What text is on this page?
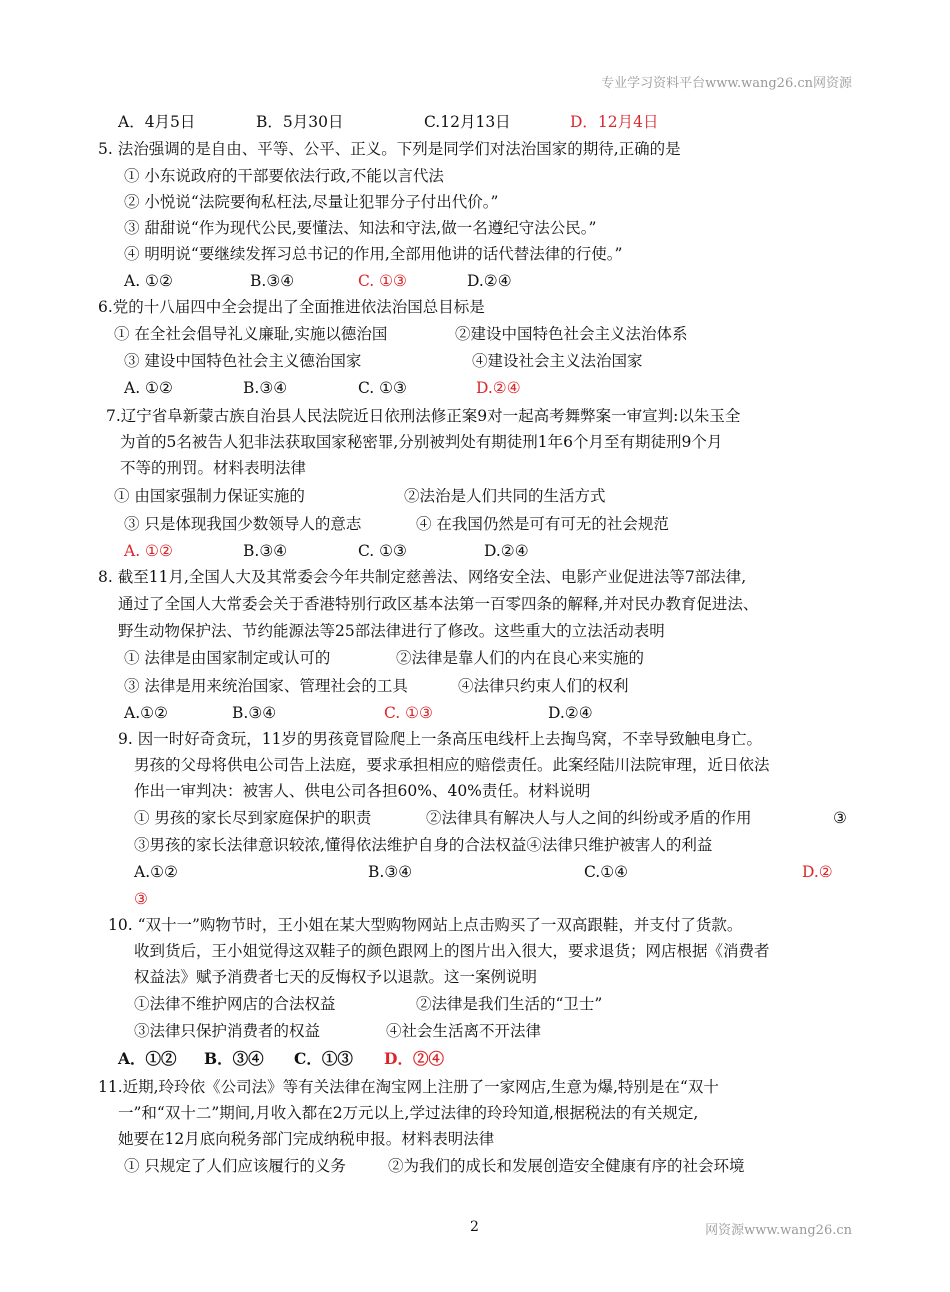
专业学习资料平台www.wang26.cn网资源
A．4月5日	B．5月30日	C.12月13日	D．12月4日
5. 法治强调的是自由、平等、公平、正义。下列是同学们对法治国家的期待,正确的是
① 小东说政府的干部要依法行政,不能以言代法
② 小悦说“法院要徇私枉法,尽量让犯罪分子付出代价。”
③ 甜甜说“作为现代公民,要懂法、知法和守法,做一名遵纪守法公民。”
④ 明明说“要继续发挥习总书记的作用,全部用他讲的话代替法律的行使。”
A. ①②	B.③④	C. ①③	D.②④
6.党的十八届四中全会提出了全面推进依法治国总目标是
① 在全社会倡导礼义廉耻,实施以德治国	②建设中国特色社会主义法治体系
③ 建设中国特色社会主义德治国家	④建设社会主义法治国家
A. ①②	B.③④	C. ①③	D.②④
7.辽宁省阜新蒙古族自治县人民法院近日依刑法修正案9对一起高考舞弊案一审宣判:以朱玉全
为首的5名被告人犯非法获取国家秘密罪,分别被判处有期徒刑1年6个月至有期徒刑9个月
不等的刑罚。材料表明法律
① 由国家强制力保证实施的	②法治是人们共同的生活方式
③ 只是体现我国少数领导人的意志	④ 在我国仍然是可有可无的社会规范
A. ①②	B.③④	C. ①③	D.②④
8. 截至11月,全国人大及其常委会今年共制定慈善法、网络安全法、电影产业促进法等7部法律,
通过了全国人大常委会关于香港特别行政区基本法第一百零四条的解释,并对民办教育促进法、
野生动物保护法、节约能源法等25部法律进行了修改。这些重大的立法活动表明
① 法律是由国家制定或认可的	②法律是靠人们的内在良心来实施的
③ 法律是用来统治国家、管理社会的工具	④法律只约束人们的权利
A.①②	B.③④	C. ①③	D.②④
9. 因一时好奇贪玩，11岁的男孩竟冒险爬上一条高压电线杆上去掏鸟窝，不幸导致触电身亡。
男孩的父母将供电公司告上法庭，要求承担相应的赔偿责任。此案经陆川法院审理，近日依法
作出一审判决：被害人、供电公司各担60%、40%责任。材料说明
① 男孩的家长尽到家庭保护的职责	②法律具有解决人与人之间的纠纷或矛盾的作用	③
③男孩的家长法律意识较浓,懂得依法维护自身的合法权益④法律只维护被害人的利益
A.①②	B.③④	C.①④	D.②
③
10. “双十一”购物节时，王小姐在某大型购物网站上点击购买了一双高跟鞋，并支付了货款。
收到货后，王小姐觉得这双鞋子的颜色跟网上的图片出入很大，要求退货；网店根据《消费者
权益法》赋予消费者七天的反悔权予以退款。这一案例说明
①法律不维护网店的合法权益	②法律是我们生活的“卫士”
③法律只保护消费者的权益	④社会生活离不开法律
A．①② B．③④ C．①③ D．②④
11.近期,玲玲依《公司法》等有关法律在淘宝网上注册了一家网店,生意为爆,特别是在“双十
一”和“双十二”期间,月收入都在2万元以上,学过法律的玲玲知道,根据税法的有关规定,
她要在12月底向税务部门完成纳税申报。材料表明法律
① 只规定了人们应该履行的义务	②为我们的成长和发展创造安全健康有序的社会环境
2	网资源www.wang26.cn
